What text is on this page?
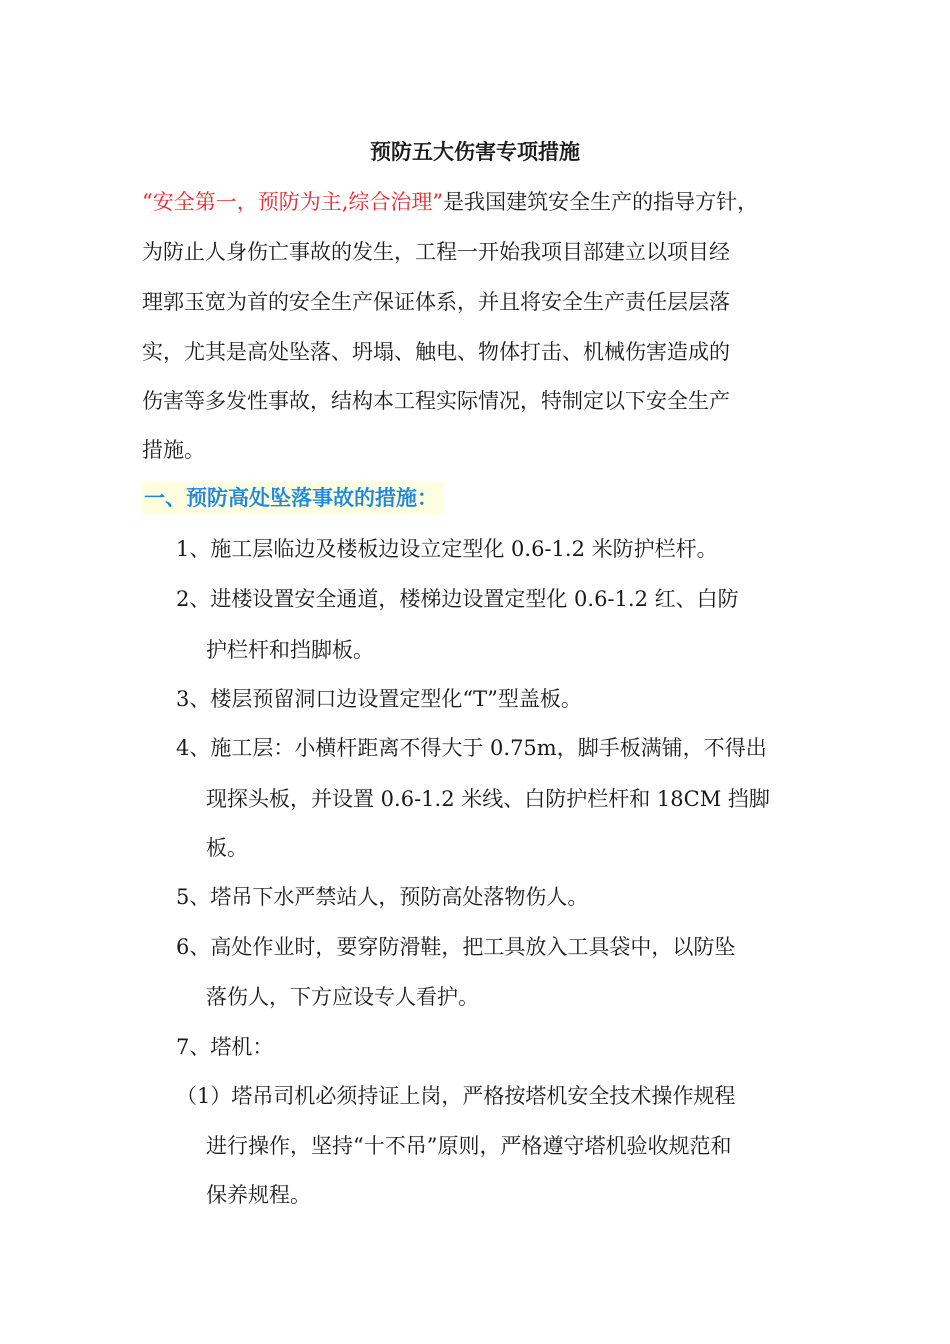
预防五大伤害专项措施
“安全第一，预防为主,综合治理”是我国建筑安全生产的指导方针，
为防止人身伤亡事故的发生，工程一开始我项目部建立以项目经
理郭玉宽为首的安全生产保证体系，并且将安全生产责任层层落
实，尤其是高处坠落、坍塌、触电、物体打击、机械伤害造成的
伤害等多发性事故，结构本工程实际情况，特制定以下安全生产
措施。
一、预防高处坠落事故的措施：
1、施工层临边及楼板边设立定型化 0.6-1.2 米防护栏杆。
2、进楼设置安全通道，楼梯边设置定型化 0.6-1.2 红、白防
护栏杆和挡脚板。
3、楼层预留洞口边设置定型化“T”型盖板。
4、施工层：小横杆距离不得大于 0.75m，脚手板满铺，不得出
现探头板，并设置 0.6-1.2 米线、白防护栏杆和 18CM 挡脚
板。
5、塔吊下水严禁站人，预防高处落物伤人。
6、高处作业时，要穿防滑鞋，把工具放入工具袋中，以防坠
落伤人，下方应设专人看护。
7、塔机：
（1）塔吊司机必须持证上岗，严格按塔机安全技术操作规程
进行操作，坚持“十不吊”原则，严格遵守塔机验收规范和
保养规程。
